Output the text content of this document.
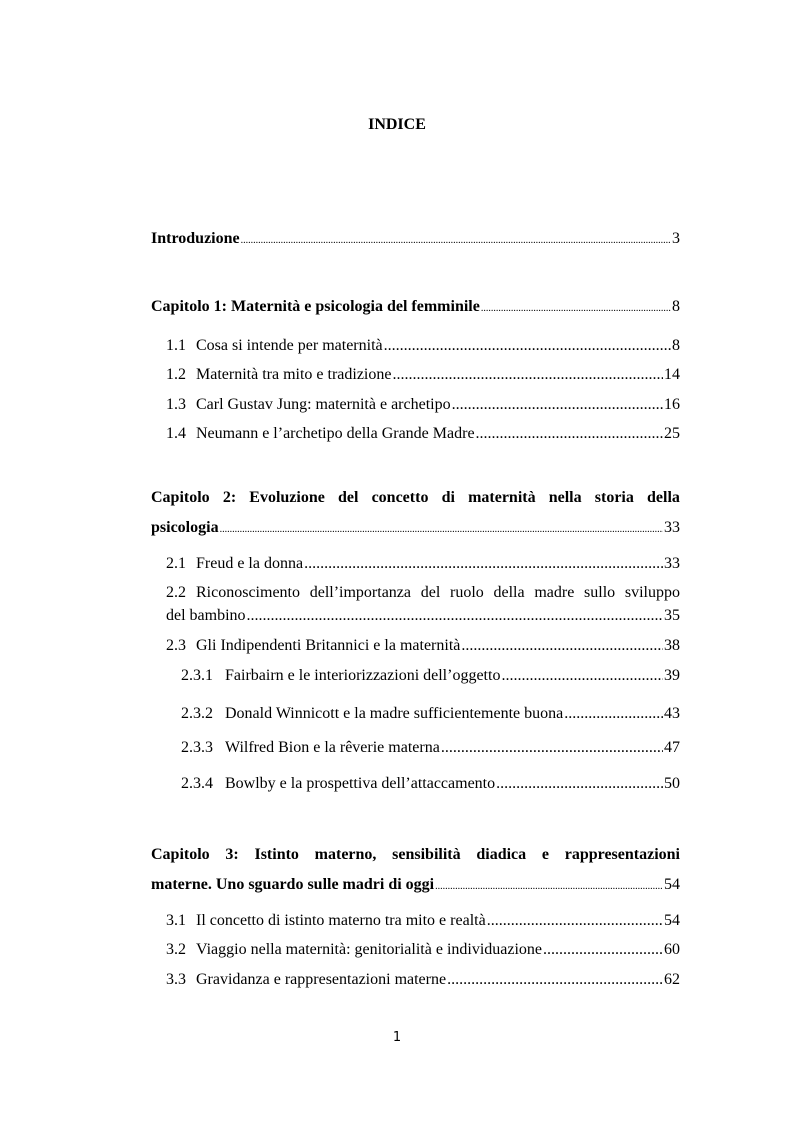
INDICE
Introduzione .....	3
Capitolo 1: Maternità e psicologia del femminile .....	8
1.1 Cosa si intende per maternità .....	8
1.2 Maternità tra mito e tradizione .....	14
1.3 Carl Gustav Jung: maternità e archetipo .....	16
1.4 Neumann e l’archetipo della Grande Madre .....	25
Capitolo 2: Evoluzione del concetto di maternità nella storia della
psicologia .....	33
2.1 Freud e la donna .....	33
2.2 Riconoscimento dell’importanza del ruolo della madre sullo sviluppo
del bambino .....	35
2.3 Gli Indipendenti Britannici e la maternità .....	38
2.3.1 Fairbairn e le interiorizzazioni dell’oggetto .....	39
2.3.2 Donald Winnicott e la madre sufficientemente buona .....	43
2.3.3 Wilfred Bion e la rêverie materna .....	47
2.3.4 Bowlby e la prospettiva dell’attaccamento .....	50
Capitolo 3: Istinto materno, sensibilità diadica e rappresentazioni
materne. Uno sguardo sulle madri di oggi .....	54
3.1 Il concetto di istinto materno tra mito e realtà .....	54
3.2 Viaggio nella maternità: genitorialità e individuazione .....	60
3.3 Gravidanza e rappresentazioni materne .....	62
1
